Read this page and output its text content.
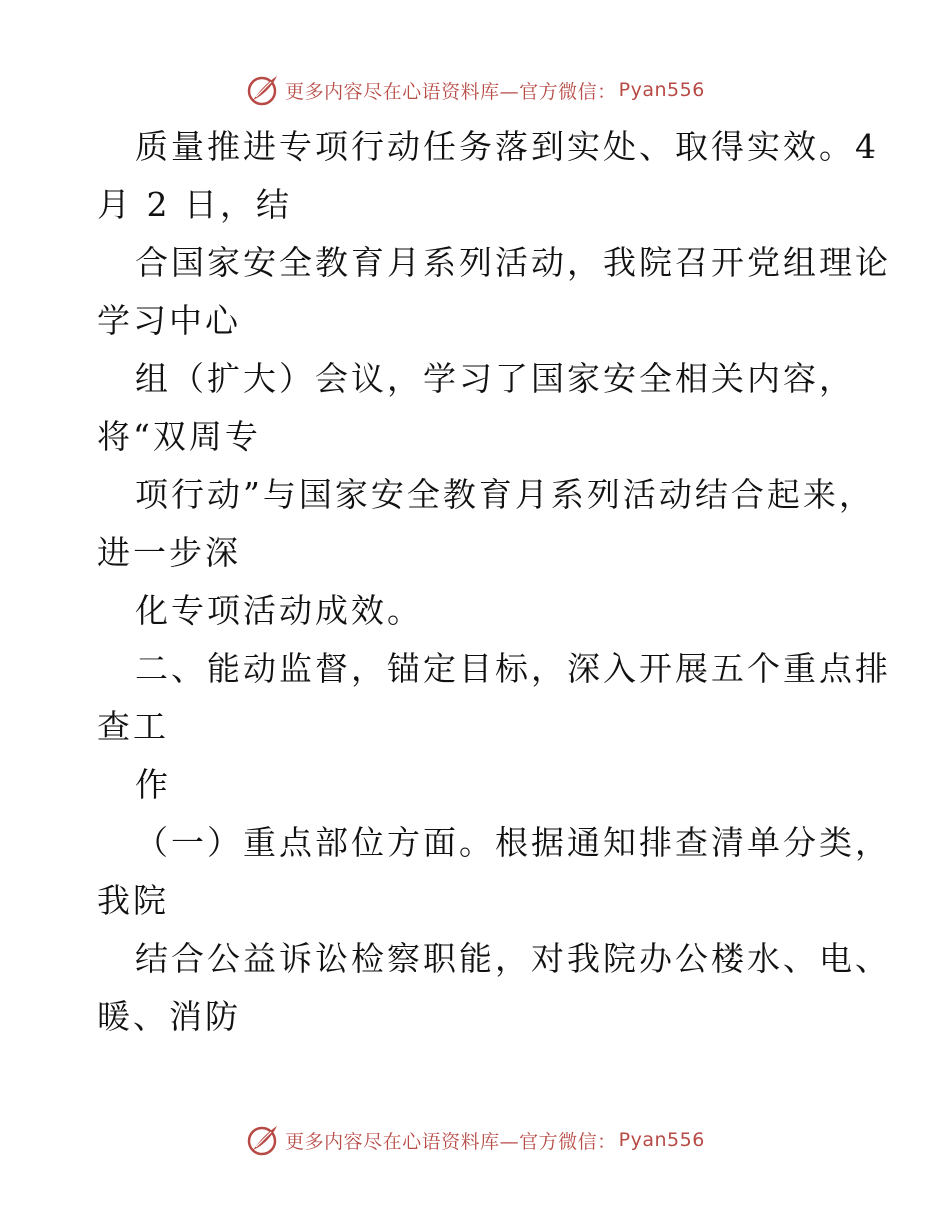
更多内容尽在心语资料库—官方微信： Pyan556
质量推进专项行动任务落到实处、取得实效。4
月 2 日，结
合国家安全教育月系列活动，我院召开党组理论
学习中心
组（扩大）会议，学习了国家安全相关内容，
将“双周专
项行动”与国家安全教育月系列活动结合起来，
进一步深
化专项活动成效。
二、能动监督，锚定目标，深入开展五个重点排
查工
作
（一）重点部位方面。根据通知排查清单分类，
我院
结合公益诉讼检察职能，对我院办公楼水、电、
暖、消防
更多内容尽在心语资料库—官方微信： Pyan556
